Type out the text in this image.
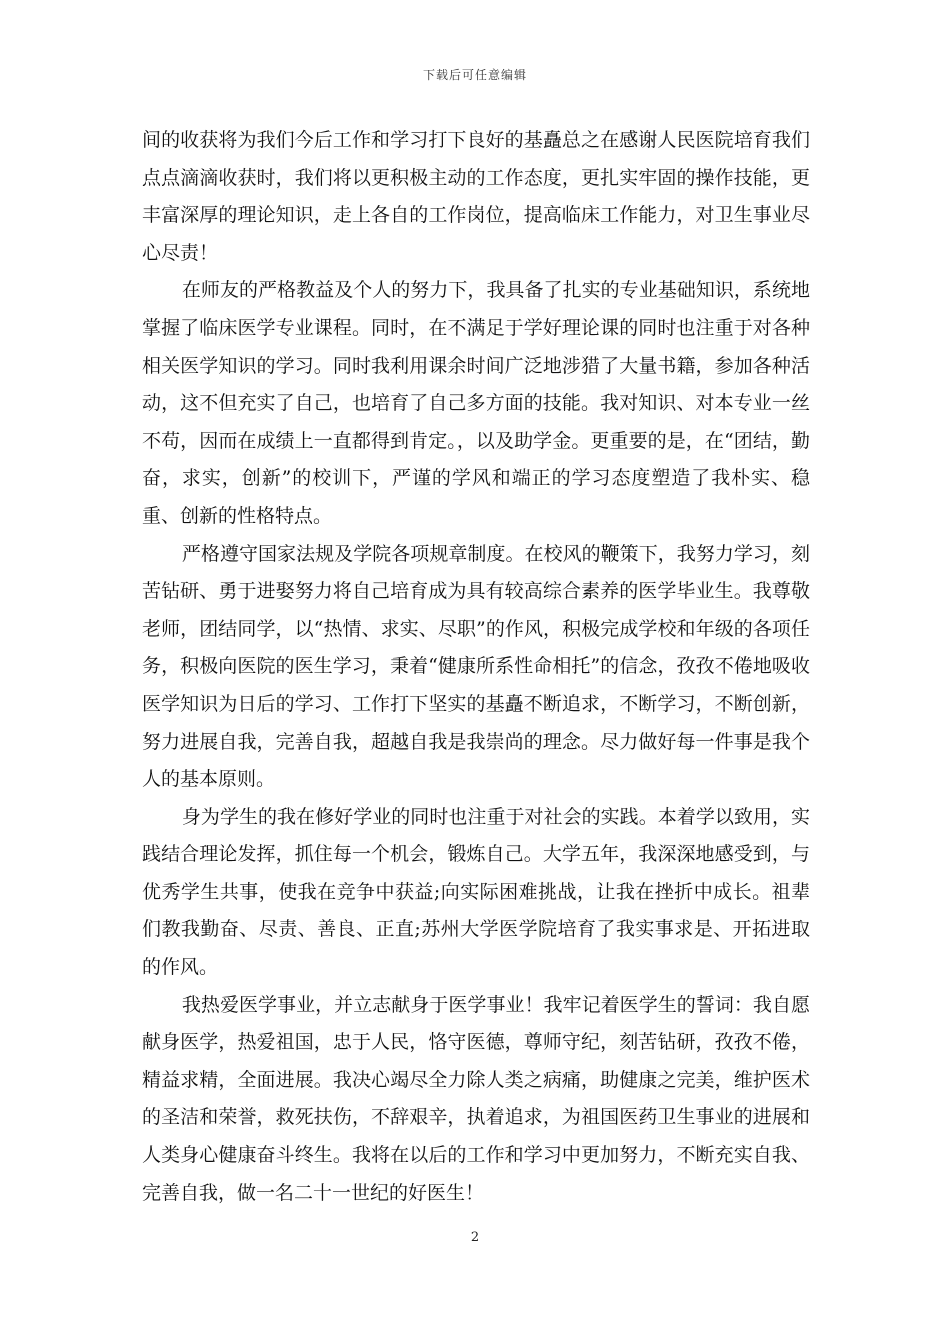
下载后可任意编辑

间的收获将为我们今后工作和学习打下良好的基矗总之在感谢人民医院培育我们点点滴滴收获时，我们将以更积极主动的工作态度，更扎实牢固的操作技能，更丰富深厚的理论知识，走上各自的工作岗位，提高临床工作能力，对卫生事业尽心尽责！

在师友的严格教益及个人的努力下，我具备了扎实的专业基础知识，系统地掌握了临床医学专业课程。同时，在不满足于学好理论课的同时也注重于对各种相关医学知识的学习。同时我利用课余时间广泛地涉猎了大量书籍，参加各种活动，这不但充实了自己，也培育了自己多方面的技能。我对知识、对本专业一丝不苟，因而在成绩上一直都得到肯定。，以及助学金。更重要的是，在“团结，勤奋，求实，创新”的校训下，严谨的学风和端正的学习态度塑造了我朴实、稳重、创新的性格特点。

严格遵守国家法规及学院各项规章制度。在校风的鞭策下，我努力学习，刻苦钻研、勇于进娶努力将自己培育成为具有较高综合素养的医学毕业生。我尊敬老师，团结同学，以“热情、求实、尽职”的作风，积极完成学校和年级的各项任务，积极向医院的医生学习，秉着“健康所系性命相托”的信念，孜孜不倦地吸收医学知识为日后的学习、工作打下坚实的基矗不断追求，不断学习，不断创新，努力进展自我，完善自我，超越自我是我崇尚的理念。尽力做好每一件事是我个人的基本原则。

身为学生的我在修好学业的同时也注重于对社会的实践。本着学以致用，实践结合理论发挥，抓住每一个机会，锻炼自己。大学五年，我深深地感受到，与优秀学生共事，使我在竞争中获益;向实际困难挑战，让我在挫折中成长。祖辈们教我勤奋、尽责、善良、正直;苏州大学医学院培育了我实事求是、开拓进取的作风。

我热爱医学事业，并立志献身于医学事业！我牢记着医学生的誓词：我自愿献身医学，热爱祖国，忠于人民，恪守医德，尊师守纪，刻苦钻研，孜孜不倦，精益求精，全面进展。我决心竭尽全力除人类之病痛，助健康之完美，维护医术的圣洁和荣誉，救死扶伤，不辞艰辛，执着追求，为祖国医药卫生事业的进展和人类身心健康奋斗终生。我将在以后的工作和学习中更加努力，不断充实自我、完善自我，做一名二十一世纪的好医生！

2
